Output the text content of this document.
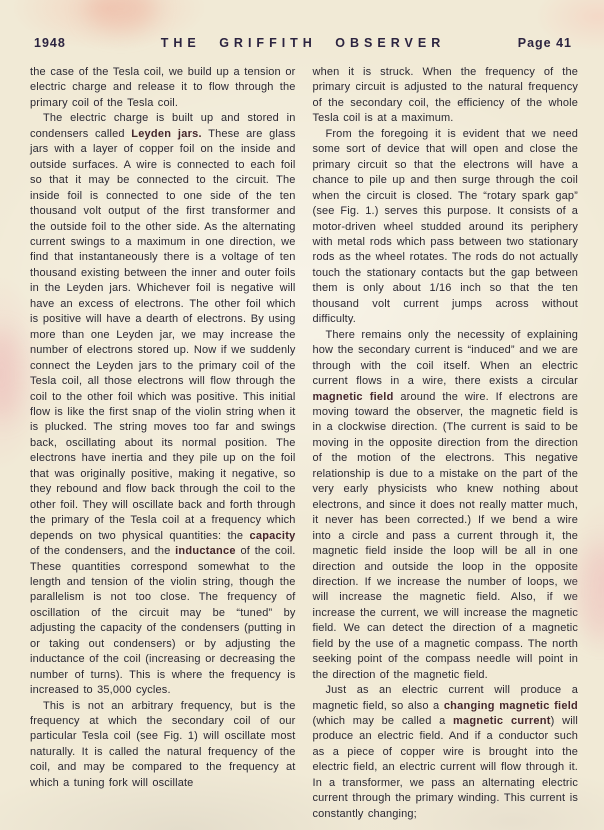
1948	THE GRIFFITH OBSERVER	Page 41

the case of the Tesla coil, we build up a tension or electric charge and release it to flow through the primary coil of the Tesla coil.

The electric charge is built up and stored in condensers called Leyden jars. These are glass jars with a layer of copper foil on the inside and outside surfaces. A wire is connected to each foil so that it may be connected to the circuit. The inside foil is connected to one side of the ten thousand volt output of the first transformer and the outside foil to the other side. As the alternating current swings to a maximum in one direction, we find that instantaneously there is a voltage of ten thousand existing between the inner and outer foils in the Leyden jars. Whichever foil is negative will have an excess of electrons. The other foil which is positive will have a dearth of electrons. By using more than one Leyden jar, we may increase the number of electrons stored up. Now if we suddenly connect the Leyden jars to the primary coil of the Tesla coil, all those electrons will flow through the coil to the other foil which was positive. This initial flow is like the first snap of the violin string when it is plucked. The string moves too far and swings back, oscillating about its normal position. The electrons have inertia and they pile up on the foil that was originally positive, making it negative, so they rebound and flow back through the coil to the other foil. They will oscillate back and forth through the primary of the Tesla coil at a frequency which depends on two physical quantities: the capacity of the condensers, and the inductance of the coil. These quantities correspond somewhat to the length and tension of the violin string, though the parallelism is not too close. The frequency of oscillation of the circuit may be “tuned” by adjusting the capacity of the condensers (putting in or taking out condensers) or by adjusting the inductance of the coil (increasing or decreasing the number of turns). This is where the frequency is increased to 35,000 cycles.

This is not an arbitrary frequency, but is the frequency at which the secondary coil of our particular Tesla coil (see Fig. 1) will oscillate most naturally. It is called the natural frequency of the coil, and may be compared to the frequency at which a tuning fork will oscillate

when it is struck. When the frequency of the primary circuit is adjusted to the natural frequency of the secondary coil, the efficiency of the whole Tesla coil is at a maximum.

From the foregoing it is evident that we need some sort of device that will open and close the primary circuit so that the electrons will have a chance to pile up and then surge through the coil when the circuit is closed. The “rotary spark gap” (see Fig. 1.) serves this purpose. It consists of a motor-driven wheel studded around its periphery with metal rods which pass between two stationary rods as the wheel rotates. The rods do not actually touch the stationary contacts but the gap between them is only about 1/16 inch so that the ten thousand volt current jumps across without difficulty.

There remains only the necessity of explaining how the secondary current is “induced” and we are through with the coil itself. When an electric current flows in a wire, there exists a circular magnetic field around the wire. If electrons are moving toward the observer, the magnetic field is in a clockwise direction. (The current is said to be moving in the opposite direction from the direction of the motion of the electrons. This negative relationship is due to a mistake on the part of the very early physicists who knew nothing about electrons, and since it does not really matter much, it never has been corrected.) If we bend a wire into a circle and pass a current through it, the magnetic field inside the loop will be all in one direction and outside the loop in the opposite direction. If we increase the number of loops, we will increase the magnetic field. Also, if we increase the current, we will increase the magnetic field. We can detect the direction of a magnetic field by the use of a magnetic compass. The north seeking point of the compass needle will point in the direction of the magnetic field.

Just as an electric current will produce a magnetic field, so also a changing magnetic field (which may be called a magnetic current) will produce an electric field. And if a conductor such as a piece of copper wire is brought into the electric field, an electric current will flow through it. In a transformer, we pass an alternating electric current through the primary winding. This current is constantly changing;
